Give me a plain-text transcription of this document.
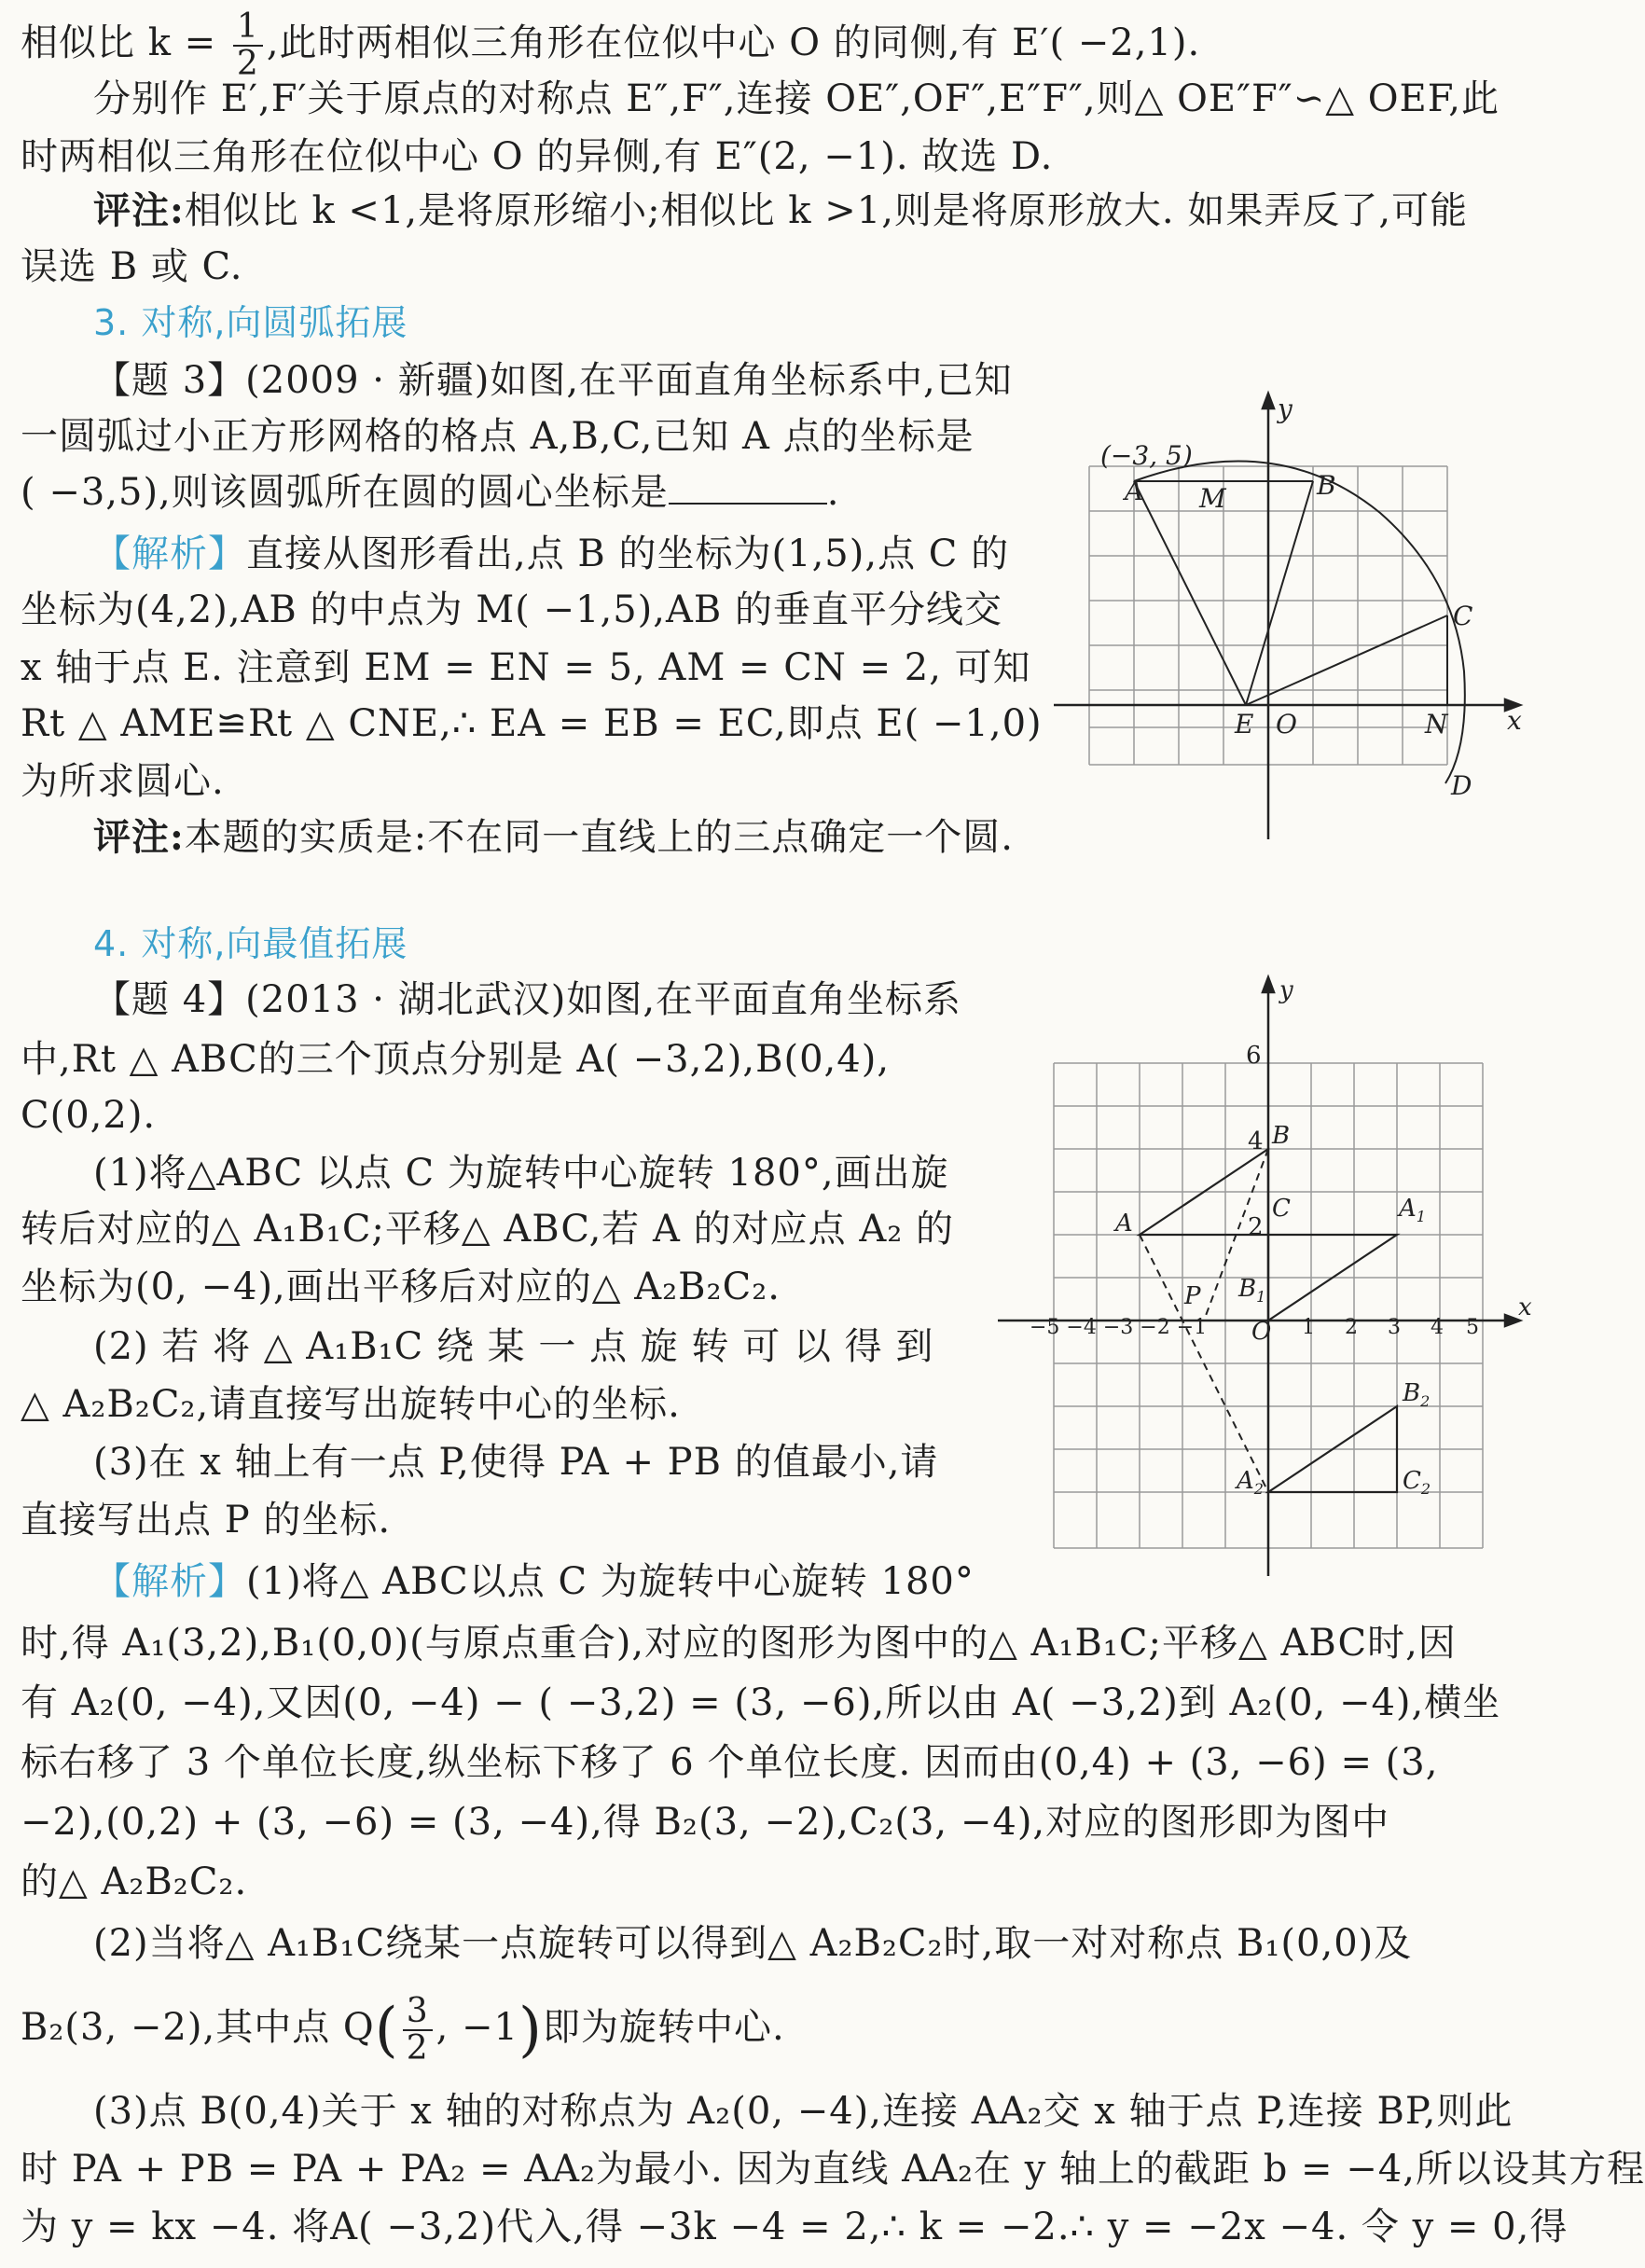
相似比 $k = \frac{1}{2}$ ,此时两相似三角形在位似中心 O 的同侧,有 E′( −2,1).
分别作 E′,F′关于原点的对称点 E″,F″,连接 OE″,OF″,E″F″,则△ OE″F″∽△ OEF,此
时两相似三角形在位似中心 O 的异侧,有 E″(2, −1). 故选 D.
评注:相似比 k <1,是将原形缩小;相似比 k >1,则是将原形放大. 如果弄反了,可能
误选 B 或 C.
3. 对称,向圆弧拓展
【题 3】(2009 · 新疆)如图,在平面直角坐标系中,已知
一圆弧过小正方形网格的格点 A,B,C,已知 A 点的坐标是
( −3,5),则该圆弧所在圆的圆心坐标是	.
【解析】直接从图形看出,点 B 的坐标为(1,5),点 C 的
坐标为(4,2),AB 的中点为 M( −1,5),AB 的垂直平分线交
x 轴于点 E. 注意到 EM = EN = 5, AM = CN = 2, 可知
Rt △ AME≌Rt △ CNE,∴ EA = EB = EC,即点 E( −1,0)
为所求圆心.
评注:本题的实质是:不在同一直线上的三点确定一个圆.
4. 对称,向最值拓展
【题 4】(2013 · 湖北武汉)如图,在平面直角坐标系
中,Rt △ ABC的三个顶点分别是 A( −3,2),B(0,4),
C(0,2).
(1)将△ABC 以点 C 为旋转中心旋转 180°,画出旋
转后对应的△ A₁B₁C;平移△ ABC,若 A 的对应点 A₂ 的
坐标为(0, −4),画出平移后对应的△ A₂B₂C₂.
(2) 若 将 △ A₁B₁C 绕 某 一 点 旋 转 可 以 得 到
△ A₂B₂C₂,请直接写出旋转中心的坐标.
(3)在 x 轴上有一点 P,使得 PA + PB 的值最小,请
直接写出点 P 的坐标.
【解析】(1)将△ ABC以点 C 为旋转中心旋转 180°
时,得 A₁(3,2),B₁(0,0)(与原点重合),对应的图形为图中的△ A₁B₁C;平移△ ABC时,因
有 A₂(0, −4),又因(0, −4) − ( −3,2) = (3, −6),所以由 A( −3,2)到 A₂(0, −4),横坐
标右移了 3 个单位长度,纵坐标下移了 6 个单位长度. 因而由(0,4) + (3, −6) = (3,
−2),(0,2) + (3, −6) = (3, −4),得 B₂(3, −2),C₂(3, −4),对应的图形即为图中
的△ A₂B₂C₂.
(2)当将△ A₁B₁C绕某一点旋转可以得到△ A₂B₂C₂时,取一对对称点 B₁(0,0)及
B₂(3, −2),其中点 $Q( \frac{3}{2}$ , −1)即为旋转中心.
(3)点 B(0,4)关于 x 轴的对称点为 A₂(0, −4),连接 AA₂交 x 轴于点 P,连接 BP,则此
时 PA + PB = PA + PA₂ = AA₂为最小. 因为直线 AA₂在 y 轴上的截距 b = −4,所以设其方程
为 y = kx −4. 将A( −3,2)代入,得 −3k −4 = 2,∴ k = −2.∴ y = −2x −4. 令 y = 0,得
(−3, 5)
A	B
C
D
M
E O	N x
y
x
y
6
4
2
−5 −4 −3 −2 −1 O 1 2 3 4 5
A
B
C	$A_1$
$B_1$
P
$B_2$
$A_2$	$C_2$
